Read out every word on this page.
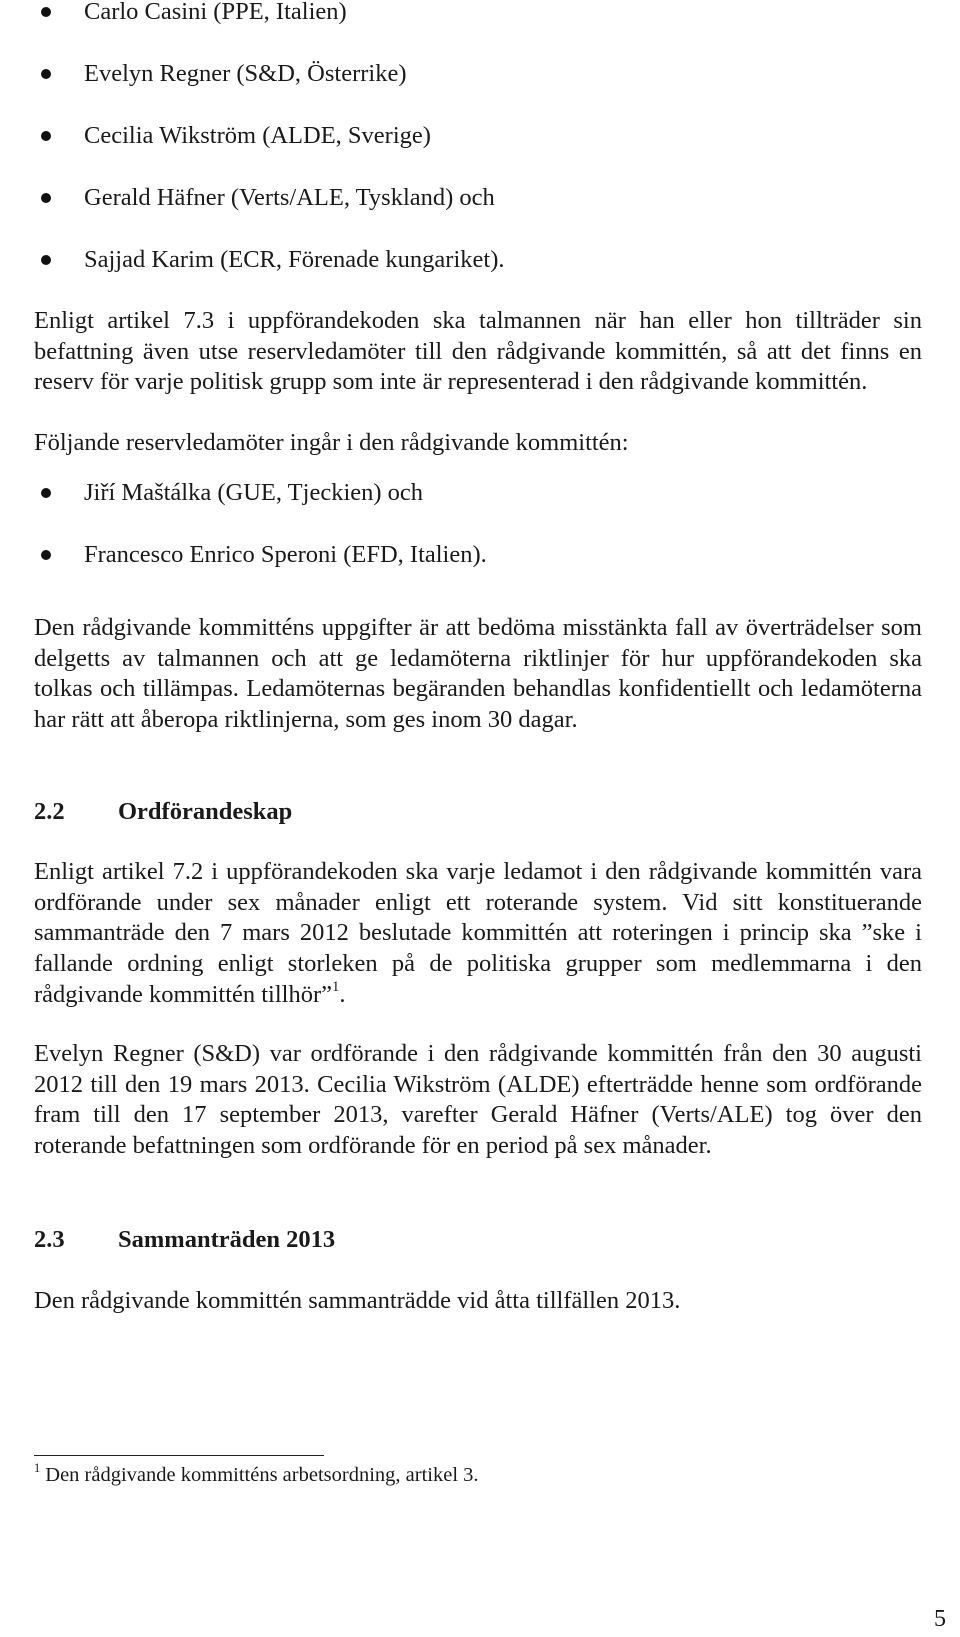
Carlo Casini (PPE, Italien)
Evelyn Regner (S&D, Österrike)
Cecilia Wikström (ALDE, Sverige)
Gerald Häfner (Verts/ALE, Tyskland) och
Sajjad Karim (ECR, Förenade kungariket).

Enligt artikel 7.3 i uppförandekoden ska talmannen när han eller hon tillträder sin befattning även utse reservledamöter till den rådgivande kommittén, så att det finns en reserv för varje politisk grupp som inte är representerad i den rådgivande kommittén.

Följande reservledamöter ingår i den rådgivande kommittén:

Jiří Maštálka (GUE, Tjeckien) och
Francesco Enrico Speroni (EFD, Italien).

Den rådgivande kommitténs uppgifter är att bedöma misstänkta fall av överträdelser som delgetts av talmannen och att ge ledamöterna riktlinjer för hur uppförandekoden ska tolkas och tillämpas. Ledamöternas begäranden behandlas konfidentiellt och ledamöterna har rätt att åberopa riktlinjerna, som ges inom 30 dagar.

2.2 Ordförandeskap

Enligt artikel 7.2 i uppförandekoden ska varje ledamot i den rådgivande kommittén vara ordförande under sex månader enligt ett roterande system. Vid sitt konstituerande sammanträde den 7 mars 2012 beslutade kommittén att roteringen i princip ska ”ske i fallande ordning enligt storleken på de politiska grupper som medlemmarna i den rådgivande kommittén tillhör”$^1$.

Evelyn Regner (S&D) var ordförande i den rådgivande kommittén från den 30 augusti 2012 till den 19 mars 2013. Cecilia Wikström (ALDE) efterträdde henne som ordförande fram till den 17 september 2013, varefter Gerald Häfner (Verts/ALE) tog över den roterande befattningen som ordförande för en period på sex månader.

2.3 Sammanträden 2013

Den rådgivande kommittén sammanträdde vid åtta tillfällen 2013.

$^1$ Den rådgivande kommitténs arbetsordning, artikel 3.
5
